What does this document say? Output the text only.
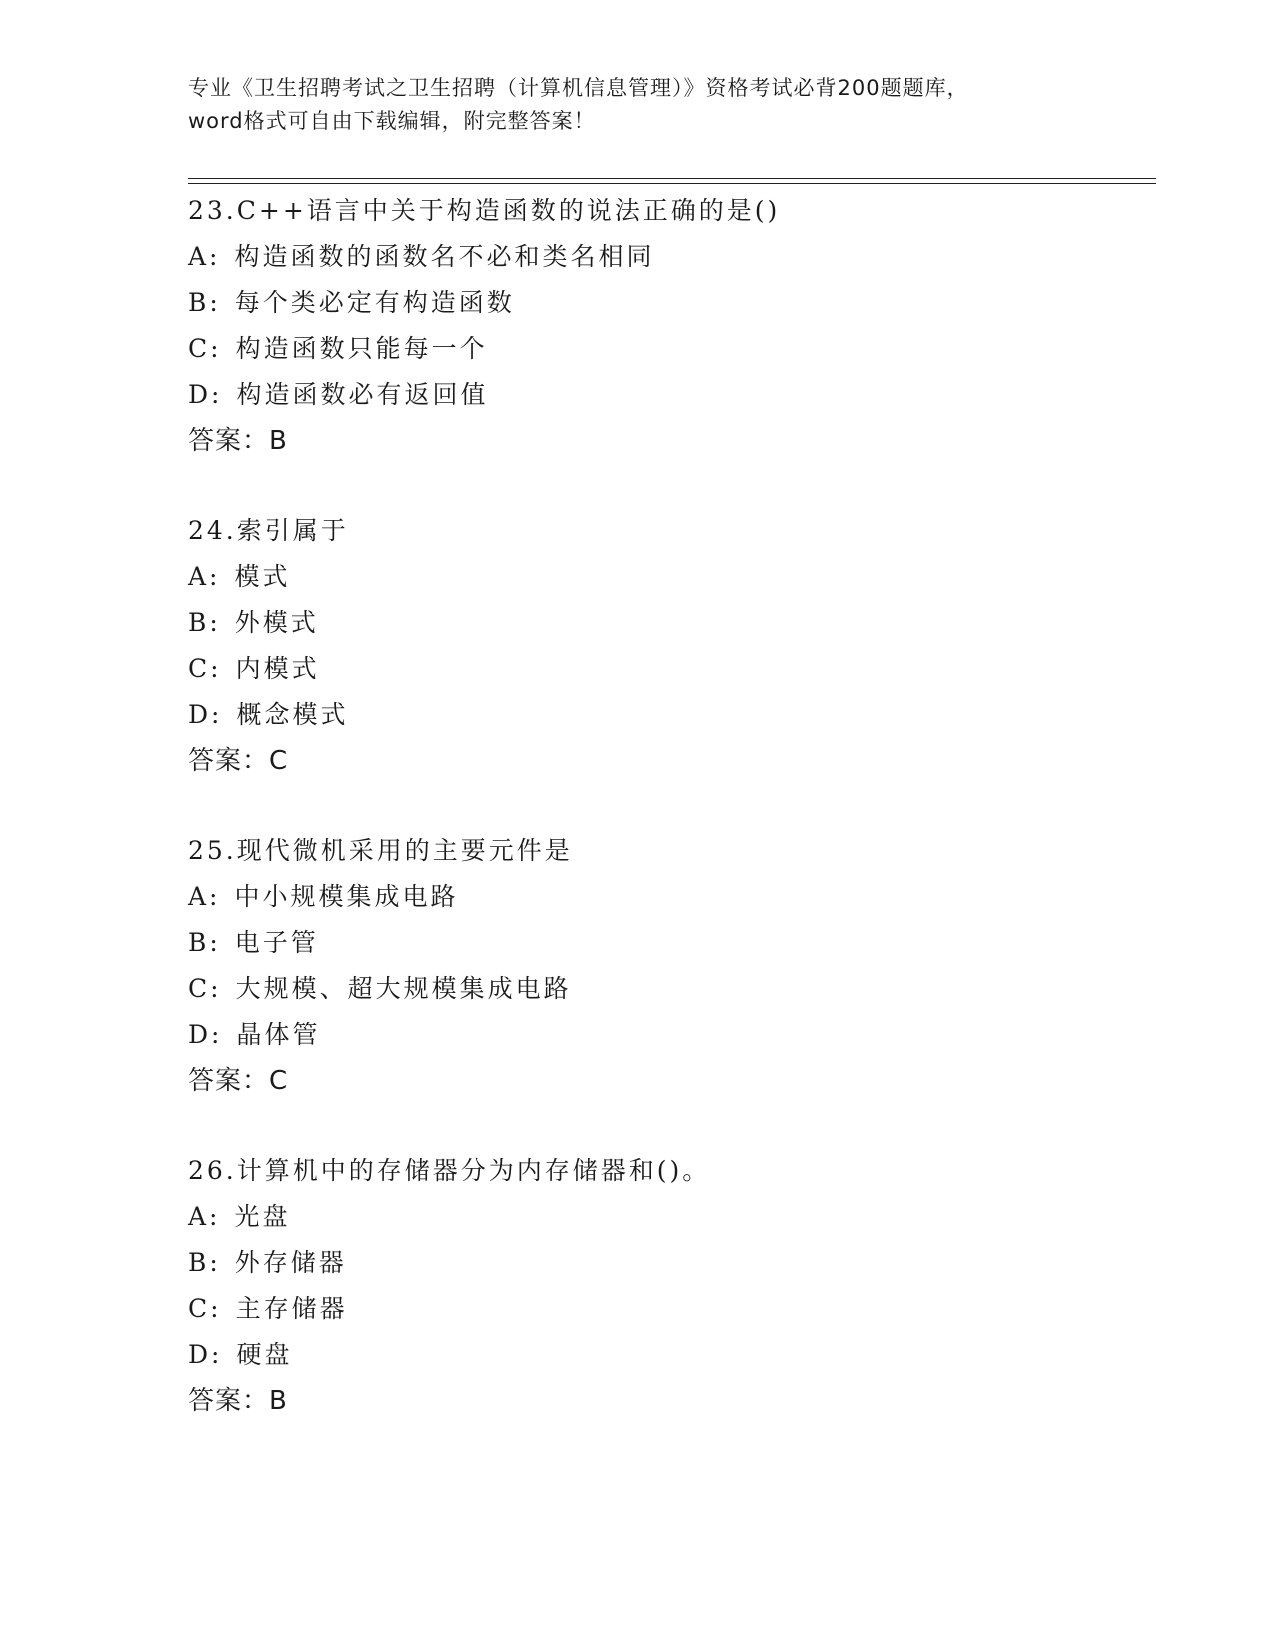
专业《卫生招聘考试之卫生招聘（计算机信息管理）》资格考试必背200题题库，
word格式可自由下载编辑，附完整答案！
23.C++语言中关于构造函数的说法正确的是()
A: 构造函数的函数名不必和类名相同
B: 每个类必定有构造函数
C: 构造函数只能每一个
D: 构造函数必有返回值
答案：B
24.索引属于
A: 模式
B: 外模式
C: 内模式
D: 概念模式
答案：C
25.现代微机采用的主要元件是
A: 中小规模集成电路
B: 电子管
C: 大规模、超大规模集成电路
D: 晶体管
答案：C
26.计算机中的存储器分为内存储器和()。
A: 光盘
B: 外存储器
C: 主存储器
D: 硬盘
答案：B
